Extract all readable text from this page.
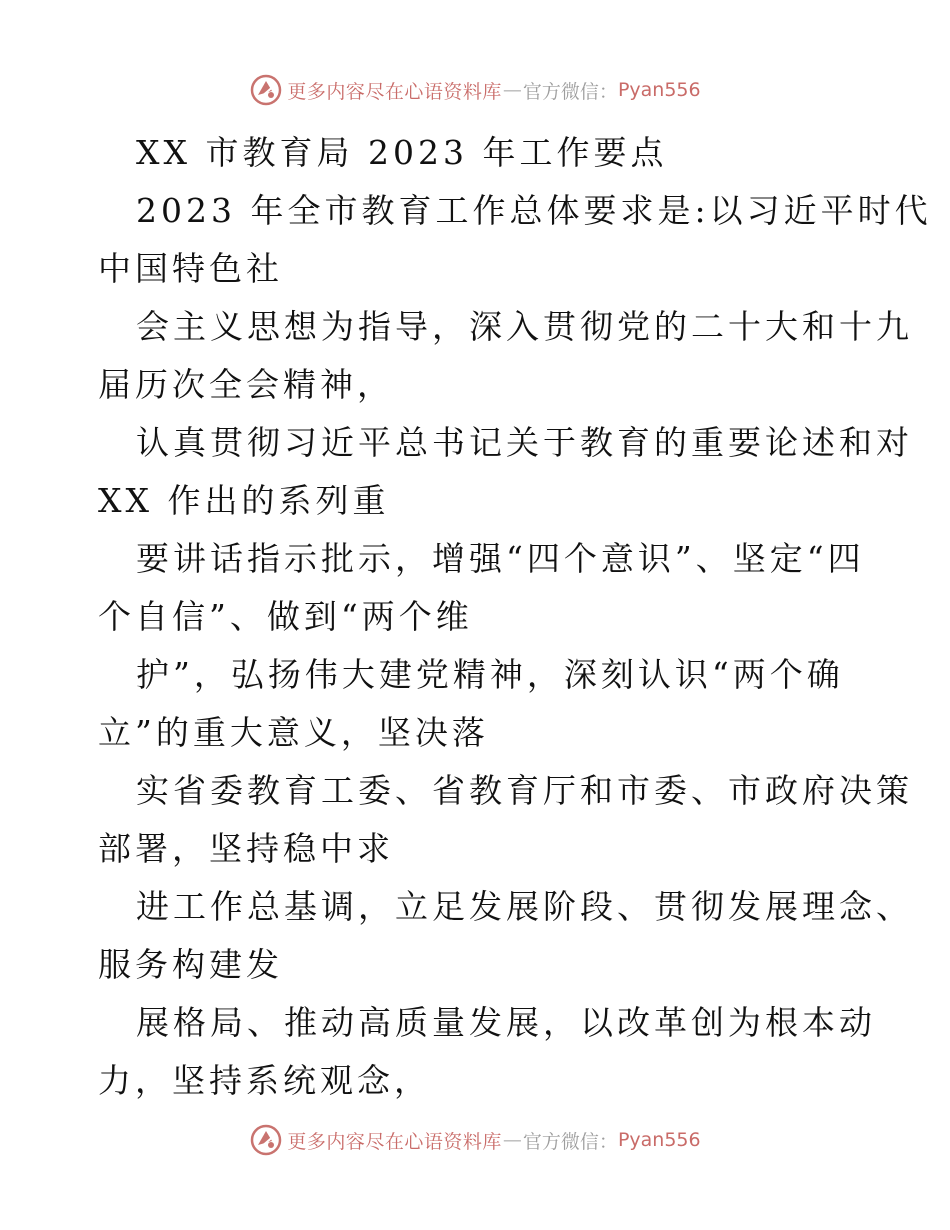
更多内容尽在心语资料库 — 官方微信： Pyan556
XX 市教育局 2023 年工作要点
2023 年全市教育工作总体要求是:以习近平时代
中国特色社
会主义思想为指导，深入贯彻党的二十大和十九
届历次全会精神，
认真贯彻习近平总书记关于教育的重要论述和对
XX 作出的系列重
要讲话指示批示，增强“四个意识”、坚定“四
个自信”、做到“两个维
护”，弘扬伟大建党精神，深刻认识“两个确
立”的重大意义，坚决落
实省委教育工委、省教育厅和市委、市政府决策
部署，坚持稳中求
进工作总基调，立足发展阶段、贯彻发展理念、
服务构建发
展格局、推动高质量发展，以改革创为根本动
力，坚持系统观念，
更多内容尽在心语资料库 — 官方微信： Pyan556
